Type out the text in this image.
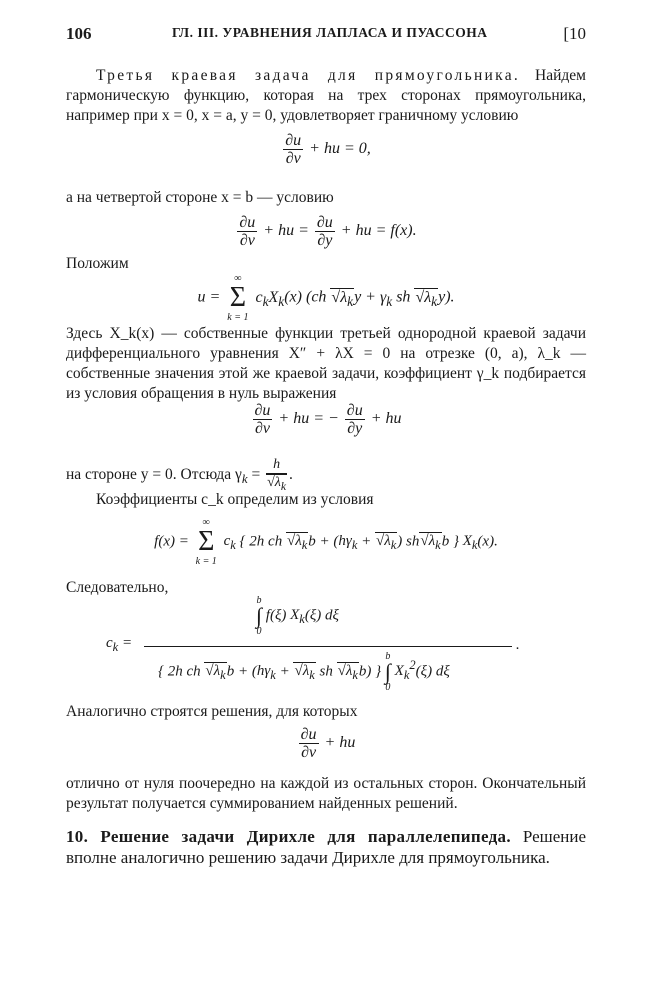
106	ГЛ. III. УРАВНЕНИЯ ЛАПЛАСА И ПУАССОНА	[10

Третья краевая задача для прямоугольника. Найдем гармоническую функцию, которая на трех сторонах прямоугольника, например при x = 0, x = a, y = 0, удовлетворяет граничному условию

$\frac{\partial u}{\partial\nu}$ + hu = 0,

а на четвертой стороне x = b — условию

$\frac{\partial u}{\partial\nu}$ + hu = $\frac{\partial u}{\partial y}$ + hu = f(x).

Положим

u =
∞
Σ
k = 1
$c_kX_k(x)$ (ch $√\lambda_ky + \gamma_k$ sh $√\lambda_ky$).

Здесь X_k(x) — собственные функции третьей однородной краевой задачи дифференциального уравнения X″ + λX = 0 на отрезке (0, a), λ_k — собственные значения этой же краевой задачи, коэффициент γ_k подбирается из условия обращения в нуль выражения

$\frac{\partial u}{\partial\nu}$ + hu = − $\frac{\partial u}{\partial y}$ + hu

на стороне y = 0. Отсюда $\gamma_k = \frac{h}{√\lambda_k}$ .

Коэффициенты c_k определим из условия

f(x) =
∞
Σ
k = 1
$c_k$ { 2h ch $√\lambda_kb + (h\gamma_k + √\lambda_k)$ $sh√\lambda_kb$ } $X_k(x)$.

Следовательно,

$c_k$ =
b
∫
0
f(ξ) $X_k(\xi)$ dξ
{ 2h ch $√\lambda_kb + (h\gamma_k + √\lambda_k$ sh $√\lambda_kb$) }
b
∫
0
$X_k^2(\xi)$ dξ
.

Аналогично строятся решения, для которых

$\frac{\partial u}{\partial\nu}$ + hu

отлично от нуля поочередно на каждой из остальных сторон. Окончательный результат получается суммированием найденных решений.

10. Решение задачи Дирихле для параллелепипеда. Решение вполне аналогично решению задачи Дирихле для прямоугольника.
